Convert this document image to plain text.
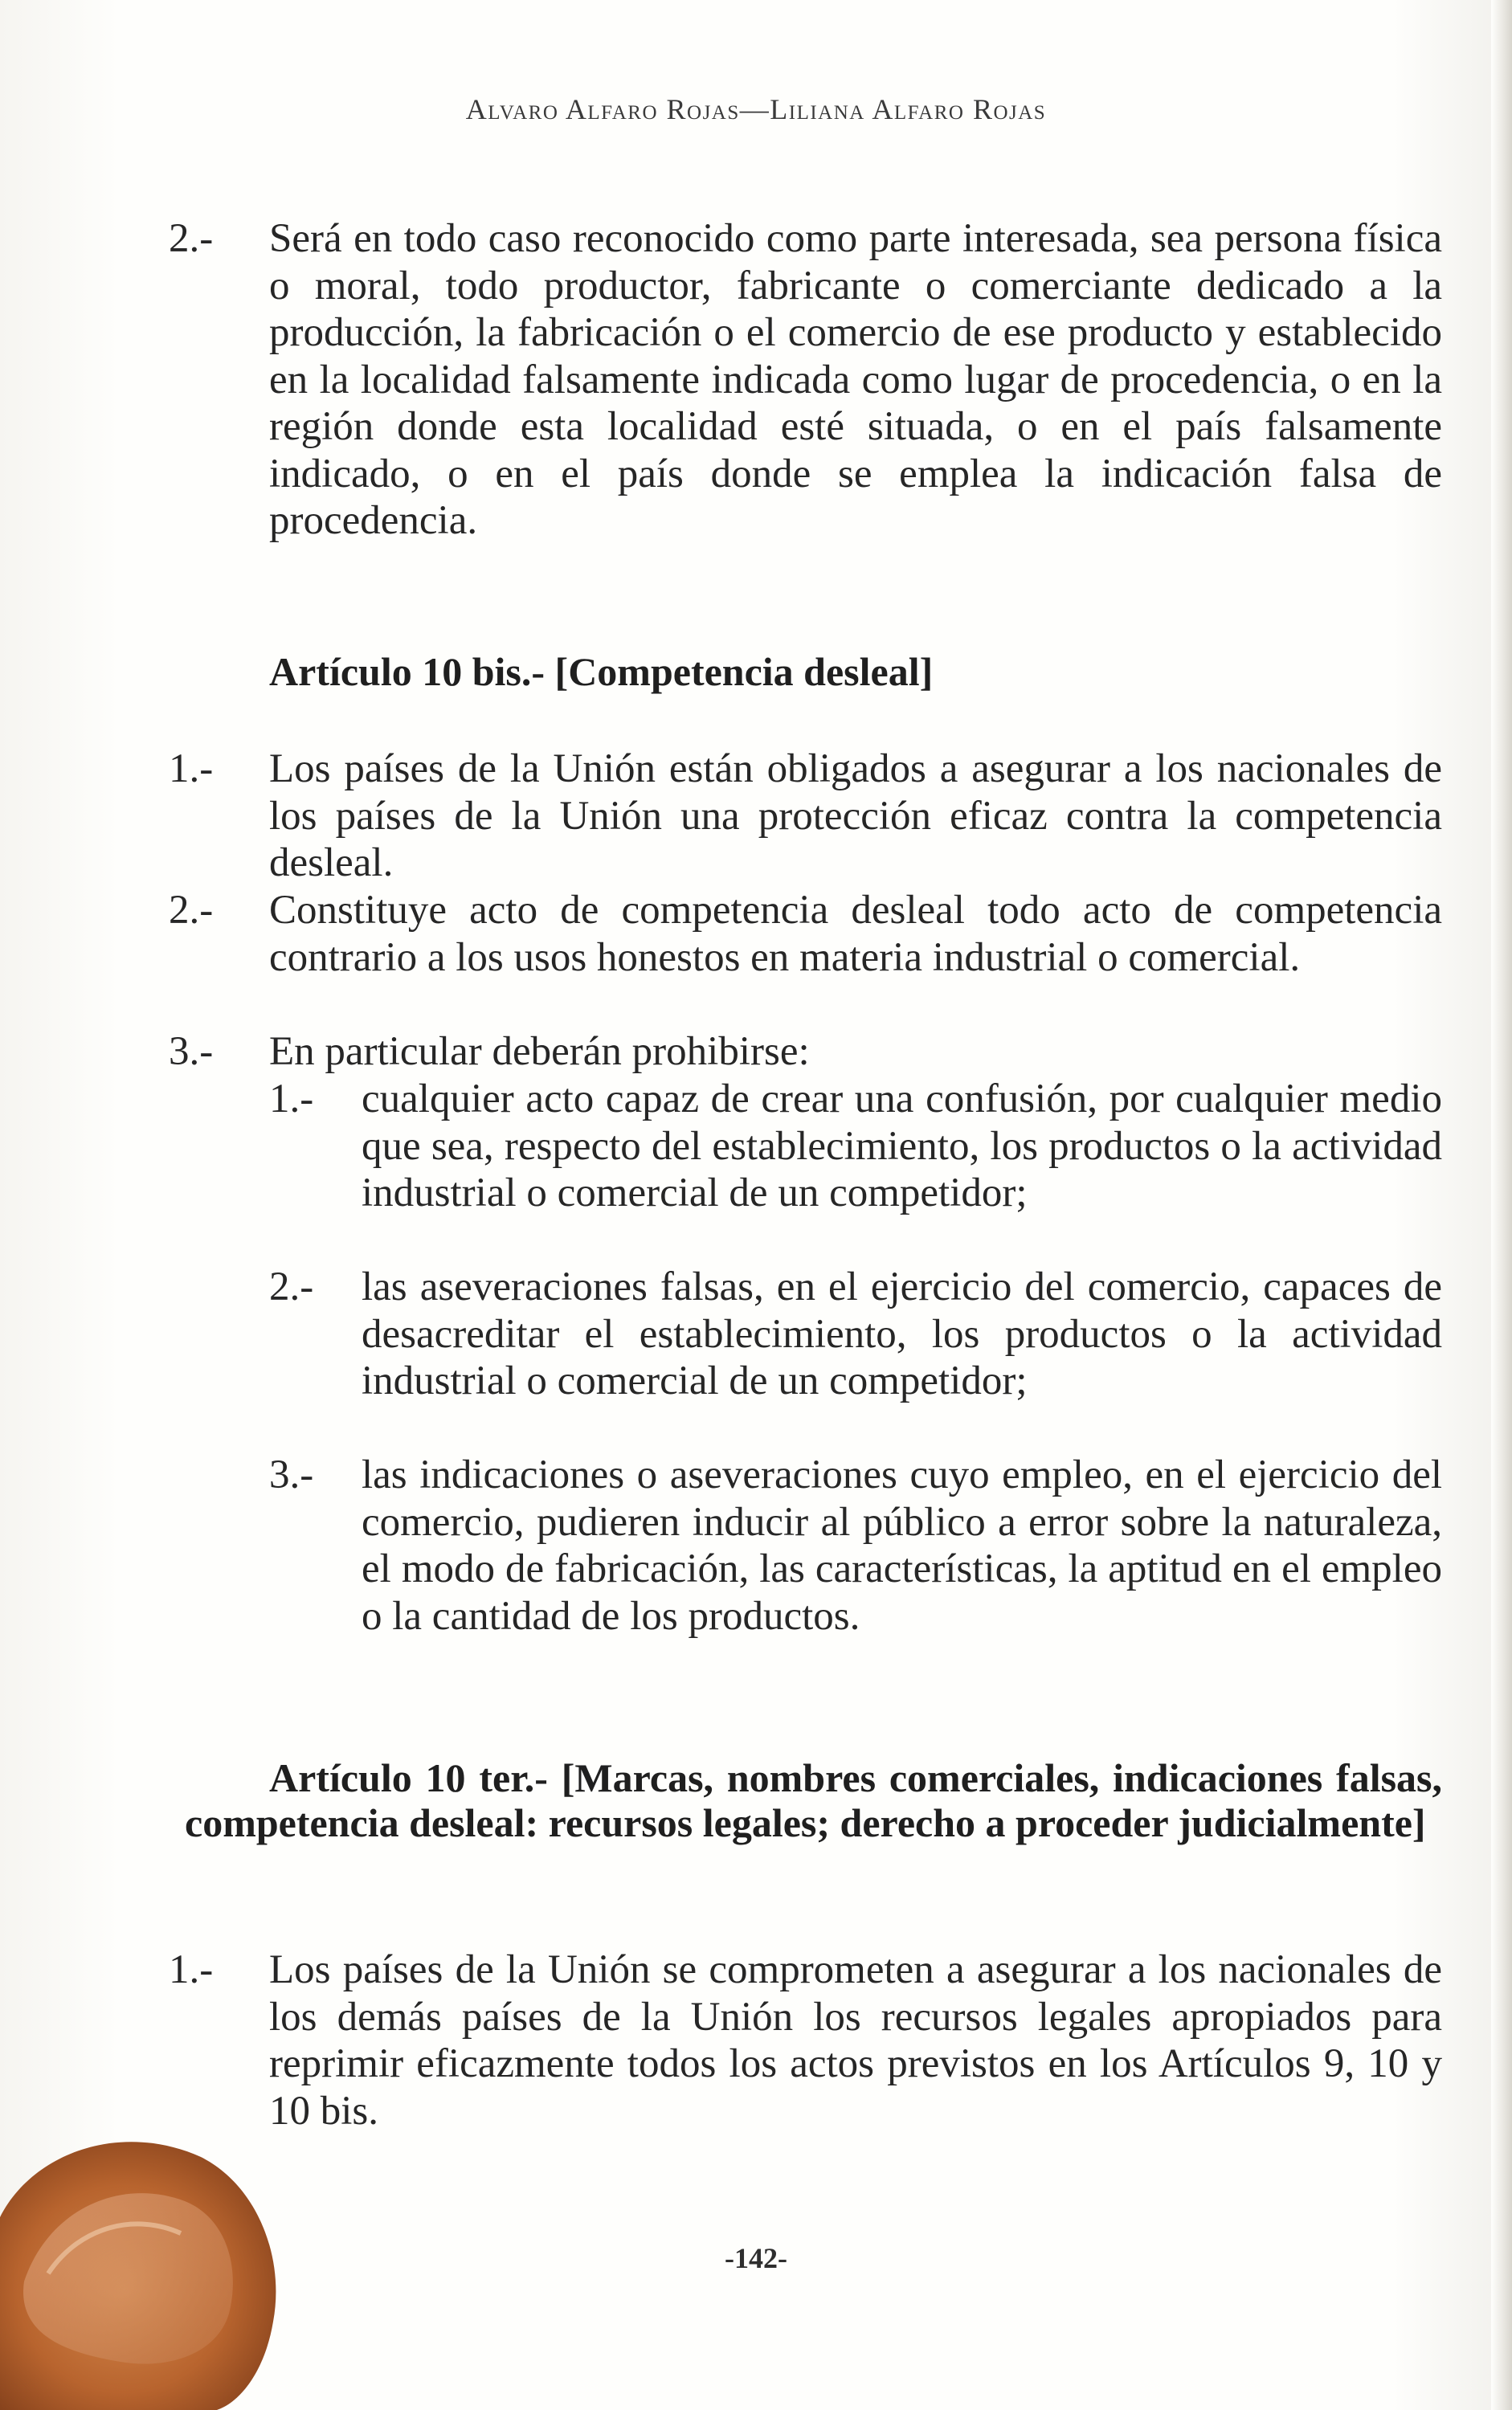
Alvaro Alfaro Rojas—Liliana Alfaro Rojas
2.- Será en todo caso reconocido como parte interesada, sea persona física o moral, todo productor, fabricante o comerciante dedicado a la producción, la fabricación o el comercio de ese producto y establecido en la localidad falsamente indicada como lugar de procedencia, o en la región donde esta localidad esté situada, o en el país falsamente indicado, o en el país donde se emplea la indicación falsa de procedencia.
Artículo 10 bis.- [Competencia desleal]
1.- Los países de la Unión están obligados a asegurar a los nacionales de los países de la Unión una protección eficaz contra la competencia desleal.
2.- Constituye acto de competencia desleal todo acto de competencia contrario a los usos honestos en materia industrial o comercial.
3.- En particular deberán prohibirse:
1.- cualquier acto capaz de crear una confusión, por cualquier medio que sea, respecto del establecimiento, los productos o la actividad industrial o comercial de un competidor;
2.- las aseveraciones falsas, en el ejercicio del comercio, capaces de desacreditar el establecimiento, los productos o la actividad industrial o comercial de un competidor;
3.- las indicaciones o aseveraciones cuyo empleo, en el ejercicio del comercio, pudieren inducir al público a error sobre la naturaleza, el modo de fabricación, las características, la aptitud en el empleo o la cantidad de los productos.
Artículo 10 ter.- [Marcas, nombres comerciales, indicaciones falsas, competencia desleal: recursos legales; derecho a proceder judicialmente]
1.- Los países de la Unión se comprometen a asegurar a los nacionales de los demás países de la Unión los recursos legales apropiados para reprimir eficazmente todos los actos previstos en los Artículos 9, 10 y 10 bis.
-142-
